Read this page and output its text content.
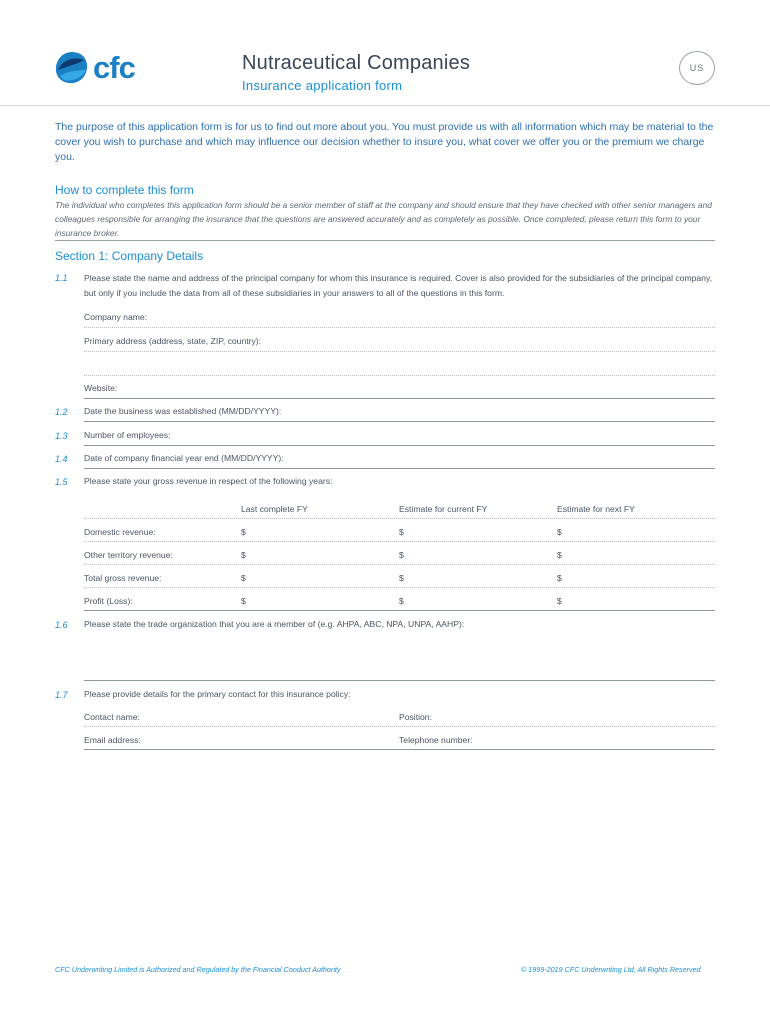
cfc	Nutraceutical Companies
Insurance application form
US
The purpose of this application form is for us to find out more about you. You must provide us with all information which may be material to the cover you wish to purchase and which may influence our decision whether to insure you, what cover we offer you or the premium we charge you.
How to complete this form
The individual who completes this application form should be a senior member of staff at the company and should ensure that they have checked with other senior managers and colleagues responsible for arranging the insurance that the questions are answered accurately and as completely as possible. Once completed, please return this form to your insurance broker.
Section 1: Company Details
1.1 Please state the name and address of the principal company for whom this insurance is required. Cover is also provided for the subsidiaries of the principal company, but only if you include the data from all of these subsidiaries in your answers to all of the questions in this form.
Company name:
Primary address (address, state, ZIP, country):
Website:
1.2 Date the business was established (MM/DD/YYYY):
1.3 Number of employees:
1.4 Date of company financial year end (MM/DD/YYYY):
1.5 Please state your gross revenue in respect of the following years:
Last complete FY	Estimate for current FY	Estimate for next FY
Domestic revenue:	$	$	$
Other territory revenue:	$	$	$
Total gross revenue:	$	$	$
Profit (Loss):	$	$	$
1.6 Please state the trade organization that you are a member of (e.g. AHPA, ABC, NPA, UNPA, AAHP):
1.7 Please provide details for the primary contact for this insurance policy:
Contact name:	Position:
Email address:	Telephone number:
CFC Underwriting Limited is Authorized and Regulated by the Financial Conduct Authority	© 1999-2019 CFC Underwriting Ltd, All Rights Reserved
